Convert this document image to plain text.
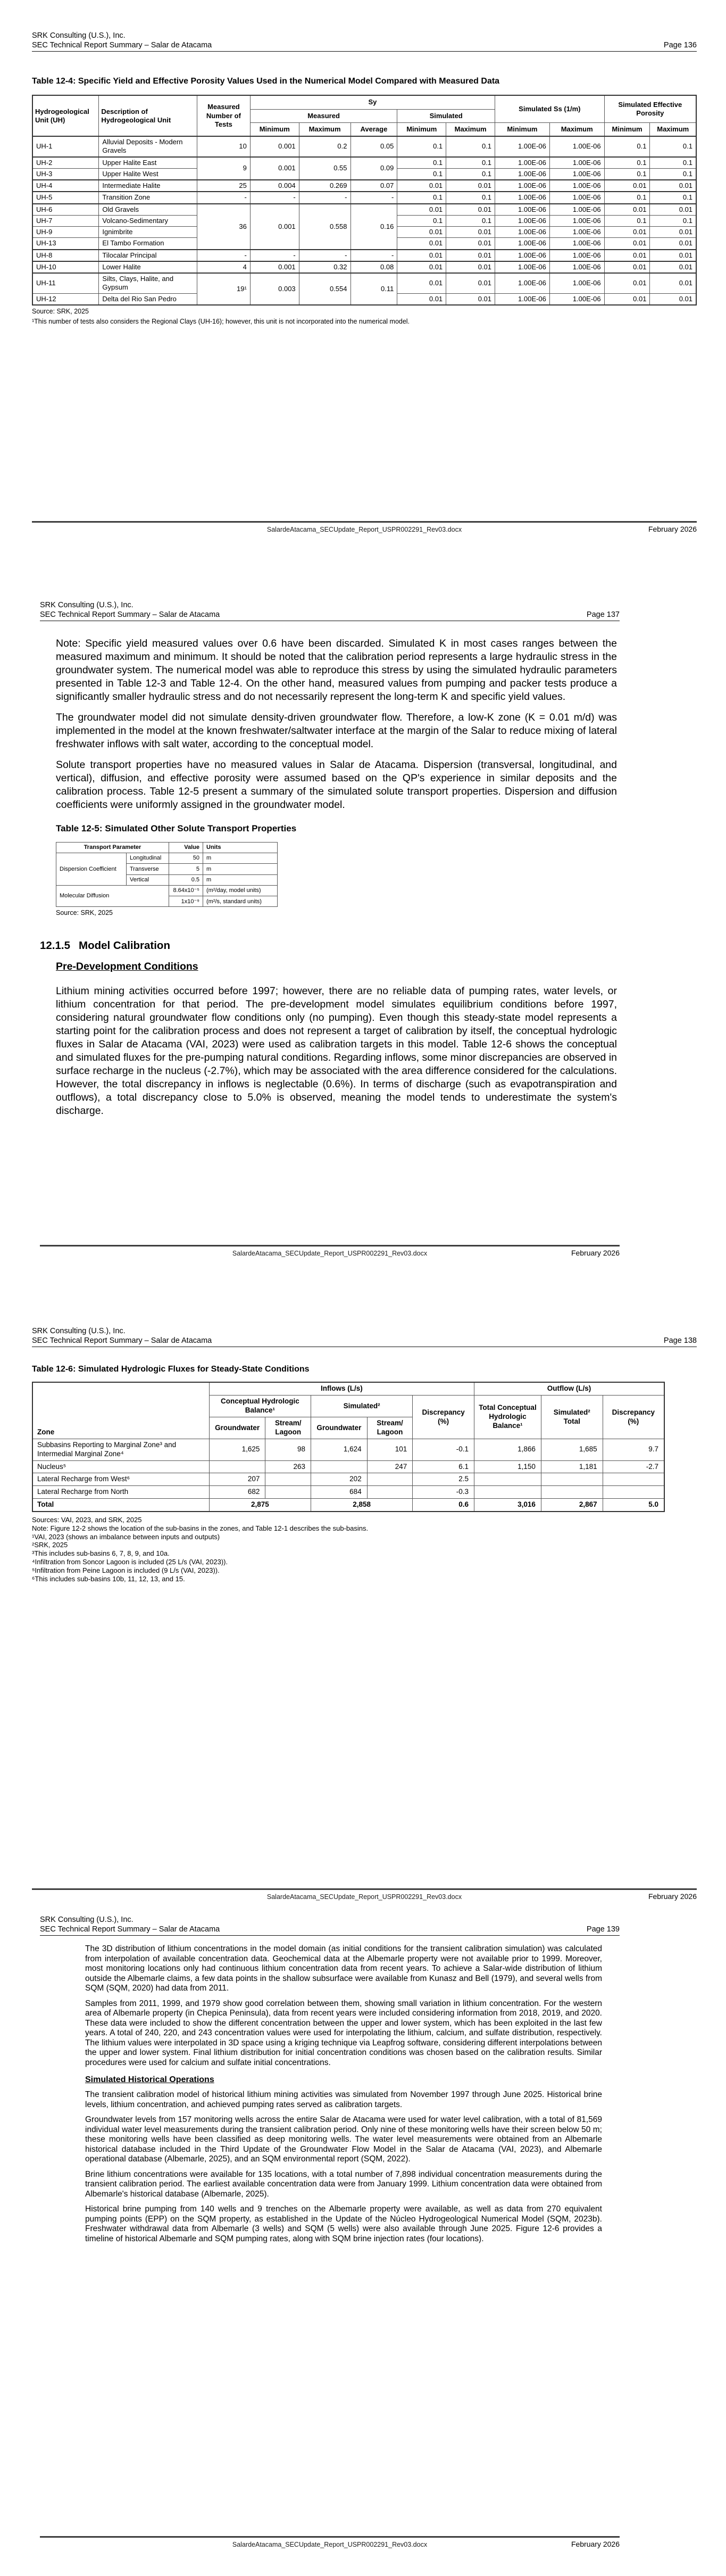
SRK Consulting (U.S.), Inc.
SEC Technical Report Summary – Salar de Atacama	Page 136
Table 12-4: Specific Yield and Effective Porosity Values Used in the Numerical Model Compared with Measured Data
Hydrogeological Unit (UH)	Description of Hydrogeological Unit	Measured Number of Tests	Sy					Simulated Ss (1/m)		Simulated Effective Porosity	
			Measured			Simulated					
			Minimum	Maximum	Average	Minimum	Maximum	Minimum	Maximum	Minimum	Maximum
UH-1	Alluvial Deposits - Modern Gravels	10	0.001	0.2	0.05	0.1	0.1	1.00E-06	1.00E-06	0.1	0.1
UH-2	Upper Halite East	9	0.001	0.55	0.09	0.1	0.1	1.00E-06	1.00E-06	0.1	0.1
UH-3	Upper Halite West					0.1	0.1	1.00E-06	1.00E-06	0.1	0.1
UH-4	Intermediate Halite	25	0.004	0.269	0.07	0.01	0.01	1.00E-06	1.00E-06	0.01	0.01
UH-5	Transition Zone	-	-	-	-	0.1	0.1	1.00E-06	1.00E-06	0.1	0.1
UH-6	Old Gravels	36	0.001	0.558	0.16	0.01	0.01	1.00E-06	1.00E-06	0.01	0.01
UH-7	Volcano-Sedimentary					0.1	0.1	1.00E-06	1.00E-06	0.1	0.1
UH-9	Ignimbrite					0.01	0.01	1.00E-06	1.00E-06	0.01	0.01
UH-13	El Tambo Formation					0.01	0.01	1.00E-06	1.00E-06	0.01	0.01
UH-8	Tilocalar Principal	-	-	-	-	0.01	0.01	1.00E-06	1.00E-06	0.01	0.01
UH-10	Lower Halite	4	0.001	0.32	0.08	0.01	0.01	1.00E-06	1.00E-06	0.01	0.01
UH-11	Silts, Clays, Halite, and Gypsum	19¹	0.003	0.554	0.11	0.01	0.01	1.00E-06	1.00E-06	0.01	0.01
UH-12	Delta del Rio San Pedro					0.01	0.01	1.00E-06	1.00E-06	0.01	0.01
Source: SRK, 2025
¹This number of tests also considers the Regional Clays (UH-16); however, this unit is not incorporated into the numerical model.
SalardeAtacama_SECUpdate_Report_USPR002291_Rev03.docx	February 2026
SRK Consulting (U.S.), Inc.
SEC Technical Report Summary – Salar de Atacama	Page 137

Note: Specific yield measured values over 0.6 have been discarded. Simulated K in most cases ranges between the measured maximum and minimum. It should be noted that the calibration period represents a large hydraulic stress in the groundwater system. The numerical model was able to reproduce this stress by using the simulated hydraulic parameters presented in Table 12-3 and Table 12-4. On the other hand, measured values from pumping and packer tests produce a significantly smaller hydraulic stress and do not necessarily represent the long-term K and specific yield values.

The groundwater model did not simulate density-driven groundwater flow. Therefore, a low-K zone (K = 0.01 m/d) was implemented in the model at the known freshwater/saltwater interface at the margin of the Salar to reduce mixing of lateral freshwater inflows with salt water, according to the conceptual model.

Solute transport properties have no measured values in Salar de Atacama. Dispersion (transversal, longitudinal, and vertical), diffusion, and effective porosity were assumed based on the QP's experience in similar deposits and the calibration process. Table 12-5 present a summary of the simulated solute transport properties. Dispersion and diffusion coefficients were uniformly assigned in the groundwater model.

Table 12-5: Simulated Other Solute Transport Properties
Transport Parameter		Value	Units
Dispersion Coefficient	Longitudinal	50	m
	Transverse	5	m
	Vertical	0.5	m
Molecular Diffusion		8.64x10⁻⁵	(m²/day, model units)
		1x10⁻⁹	(m²/s, standard units)
Source: SRK, 2025
12.1.5 Model Calibration
Pre-Development Conditions

Lithium mining activities occurred before 1997; however, there are no reliable data of pumping rates, water levels, or lithium concentration for that period. The pre-development model simulates equilibrium conditions before 1997, considering natural groundwater flow conditions only (no pumping). Even though this steady-state model represents a starting point for the calibration process and does not represent a target of calibration by itself, the conceptual hydrologic fluxes in Salar de Atacama (VAI, 2023) were used as calibration targets in this model. Table 12-6 shows the conceptual and simulated fluxes for the pre-pumping natural conditions. Regarding inflows, some minor discrepancies are observed in surface recharge in the nucleus (-2.7%), which may be associated with the area difference considered for the calculations. However, the total discrepancy in inflows is neglectable (0.6%). In terms of discharge (such as evapotranspiration and outflows), a total discrepancy close to 5.0% is observed, meaning the model tends to underestimate the system's discharge.

SalardeAtacama_SECUpdate_Report_USPR002291_Rev03.docx	February 2026
SRK Consulting (U.S.), Inc.
SEC Technical Report Summary – Salar de Atacama	Page 138
Table 12-6: Simulated Hydrologic Fluxes for Steady-State Conditions
Zone	Inflows (L/s)					Outflow (L/s)		
	Conceptual Hydrologic Balance¹		Simulated²		Discrepancy (%)	Total Conceptual Hydrologic Balance¹	Simulated² Total	Discrepancy (%)
	Groundwater	Stream/ Lagoon	Groundwater	Stream/ Lagoon				
Subbasins Reporting to Marginal Zone³ and Intermedial Marginal Zone⁴	1,625	98	1,624	101	-0.1	1,866	1,685	9.7
Nucleus⁵		263		247	6.1	1,150	1,181	-2.7
Lateral Recharge from West⁶	207		202		2.5			
Lateral Recharge from North	682		684		-0.3			
Total	2,875		2,858		0.6	3,016	2,867	5.0
Sources: VAI, 2023, and SRK, 2025
Note: Figure 12-2 shows the location of the sub-basins in the zones, and Table 12-1 describes the sub-basins.
¹VAI, 2023 (shows an imbalance between inputs and outputs)
²SRK, 2025
³This includes sub-basins 6, 7, 8, 9, and 10a.
⁴Infiltration from Soncor Lagoon is included (25 L/s (VAI, 2023)).
⁵Infiltration from Peine Lagoon is included (9 L/s (VAI, 2023)).
⁶This includes sub-basins 10b, 11, 12, 13, and 15.
SalardeAtacama_SECUpdate_Report_USPR002291_Rev03.docx	February 2026
SRK Consulting (U.S.), Inc.
SEC Technical Report Summary – Salar de Atacama	Page 139

The 3D distribution of lithium concentrations in the model domain (as initial conditions for the transient calibration simulation) was calculated from interpolation of available concentration data. Geochemical data at the Albemarle property were not available prior to 1999. Moreover, most monitoring locations only had continuous lithium concentration data from recent years. To achieve a Salar-wide distribution of lithium outside the Albemarle claims, a few data points in the shallow subsurface were available from Kunasz and Bell (1979), and several wells from SQM (SQM, 2020) had data from 2011.

Samples from 2011, 1999, and 1979 show good correlation between them, showing small variation in lithium concentration. For the western area of Albemarle property (in Chepica Peninsula), data from recent years were included considering information from 2018, 2019, and 2020. These data were included to show the different concentration between the upper and lower system, which has been exploited in the last few years. A total of 240, 220, and 243 concentration values were used for interpolating the lithium, calcium, and sulfate distribution, respectively. The lithium values were interpolated in 3D space using a kriging technique via Leapfrog software, considering different interpolations between the upper and lower system. Final lithium distribution for initial concentration conditions was chosen based on the calibration results. Similar procedures were used for calcium and sulfate initial concentrations.

Simulated Historical Operations

The transient calibration model of historical lithium mining activities was simulated from November 1997 through June 2025. Historical brine levels, lithium concentration, and achieved pumping rates served as calibration targets.

Groundwater levels from 157 monitoring wells across the entire Salar de Atacama were used for water level calibration, with a total of 81,569 individual water level measurements during the transient calibration period. Only nine of these monitoring wells have their screen below 50 m; these monitoring wells have been classified as deep monitoring wells. The water level measurements were obtained from an Albemarle historical database included in the Third Update of the Groundwater Flow Model in the Salar de Atacama (VAI, 2023), and Albemarle operational database (Albemarle, 2025), and an SQM environmental report (SQM, 2022).

Brine lithium concentrations were available for 135 locations, with a total number of 7,898 individual concentration measurements during the transient calibration period. The earliest available concentration data were from January 1999. Lithium concentration data were obtained from Albemarle's historical database (Albemarle, 2025).

Historical brine pumping from 140 wells and 9 trenches on the Albemarle property were available, as well as data from 270 equivalent pumping points (EPP) on the SQM property, as established in the Update of the Núcleo Hydrogeological Numerical Model (SQM, 2023b). Freshwater withdrawal data from Albemarle (3 wells) and SQM (5 wells) were also available through June 2025. Figure 12-6 provides a timeline of historical Albemarle and SQM pumping rates, along with SQM brine injection rates (four locations).

SalardeAtacama_SECUpdate_Report_USPR002291_Rev03.docx	February 2026
